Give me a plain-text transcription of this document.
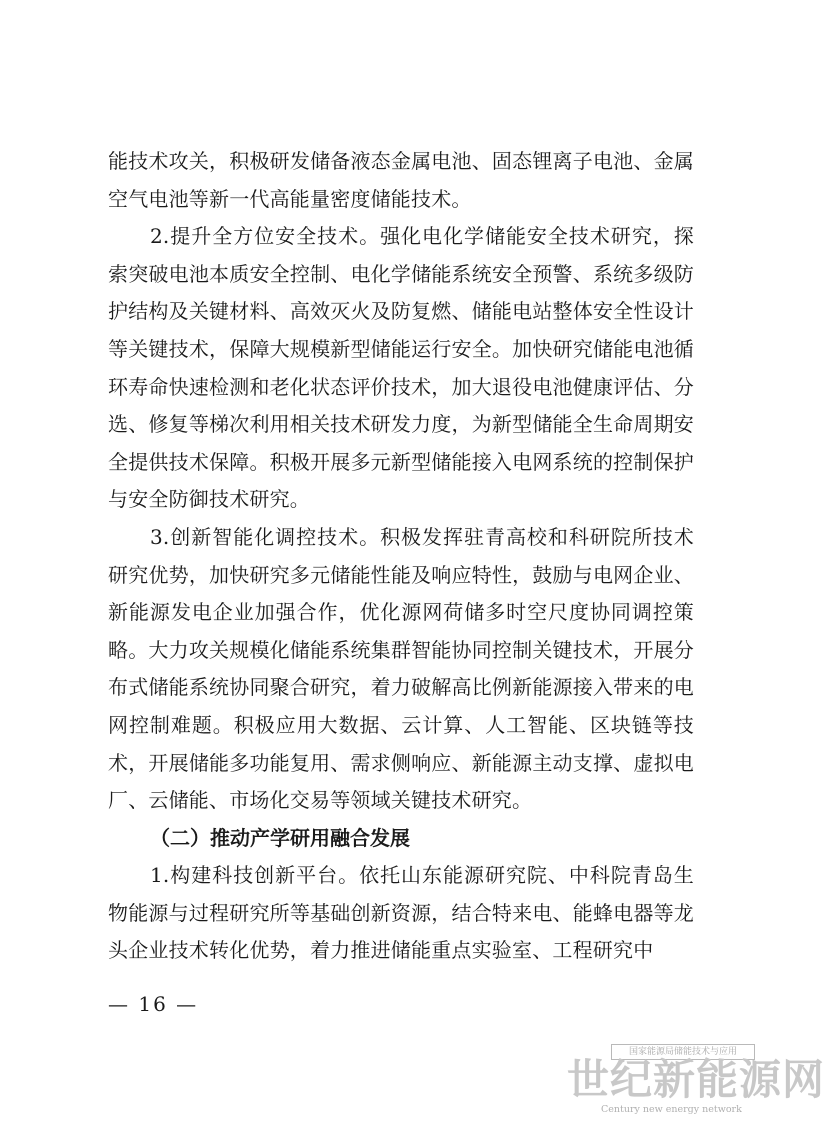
能技术攻关，积极研发储备液态金属电池、固态锂离子电池、金属空气电池等新一代高能量密度储能技术。

2.提升全方位安全技术。强化电化学储能安全技术研究，探索突破电池本质安全控制、电化学储能系统安全预警、系统多级防护结构及关键材料、高效灭火及防复燃、储能电站整体安全性设计等关键技术，保障大规模新型储能运行安全。加快研究储能电池循环寿命快速检测和老化状态评价技术，加大退役电池健康评估、分选、修复等梯次利用相关技术研发力度，为新型储能全生命周期安全提供技术保障。积极开展多元新型储能接入电网系统的控制保护与安全防御技术研究。

3.创新智能化调控技术。积极发挥驻青高校和科研院所技术研究优势，加快研究多元储能性能及响应特性，鼓励与电网企业、新能源发电企业加强合作，优化源网荷储多时空尺度协同调控策略。大力攻关规模化储能系统集群智能协同控制关键技术，开展分布式储能系统协同聚合研究，着力破解高比例新能源接入带来的电网控制难题。积极应用大数据、云计算、人工智能、区块链等技术，开展储能多功能复用、需求侧响应、新能源主动支撑、虚拟电厂、云储能、市场化交易等领域关键技术研究。

（二）推动产学研用融合发展

1.构建科技创新平台。依托山东能源研究院、中科院青岛生物能源与过程研究所等基础创新资源，结合特来电、能蜂电器等龙头企业技术转化优势，着力推进储能重点实验室、工程研究中

— 16 —
国家能源局储能技术与应用
世纪新能源网
Century new energy network
